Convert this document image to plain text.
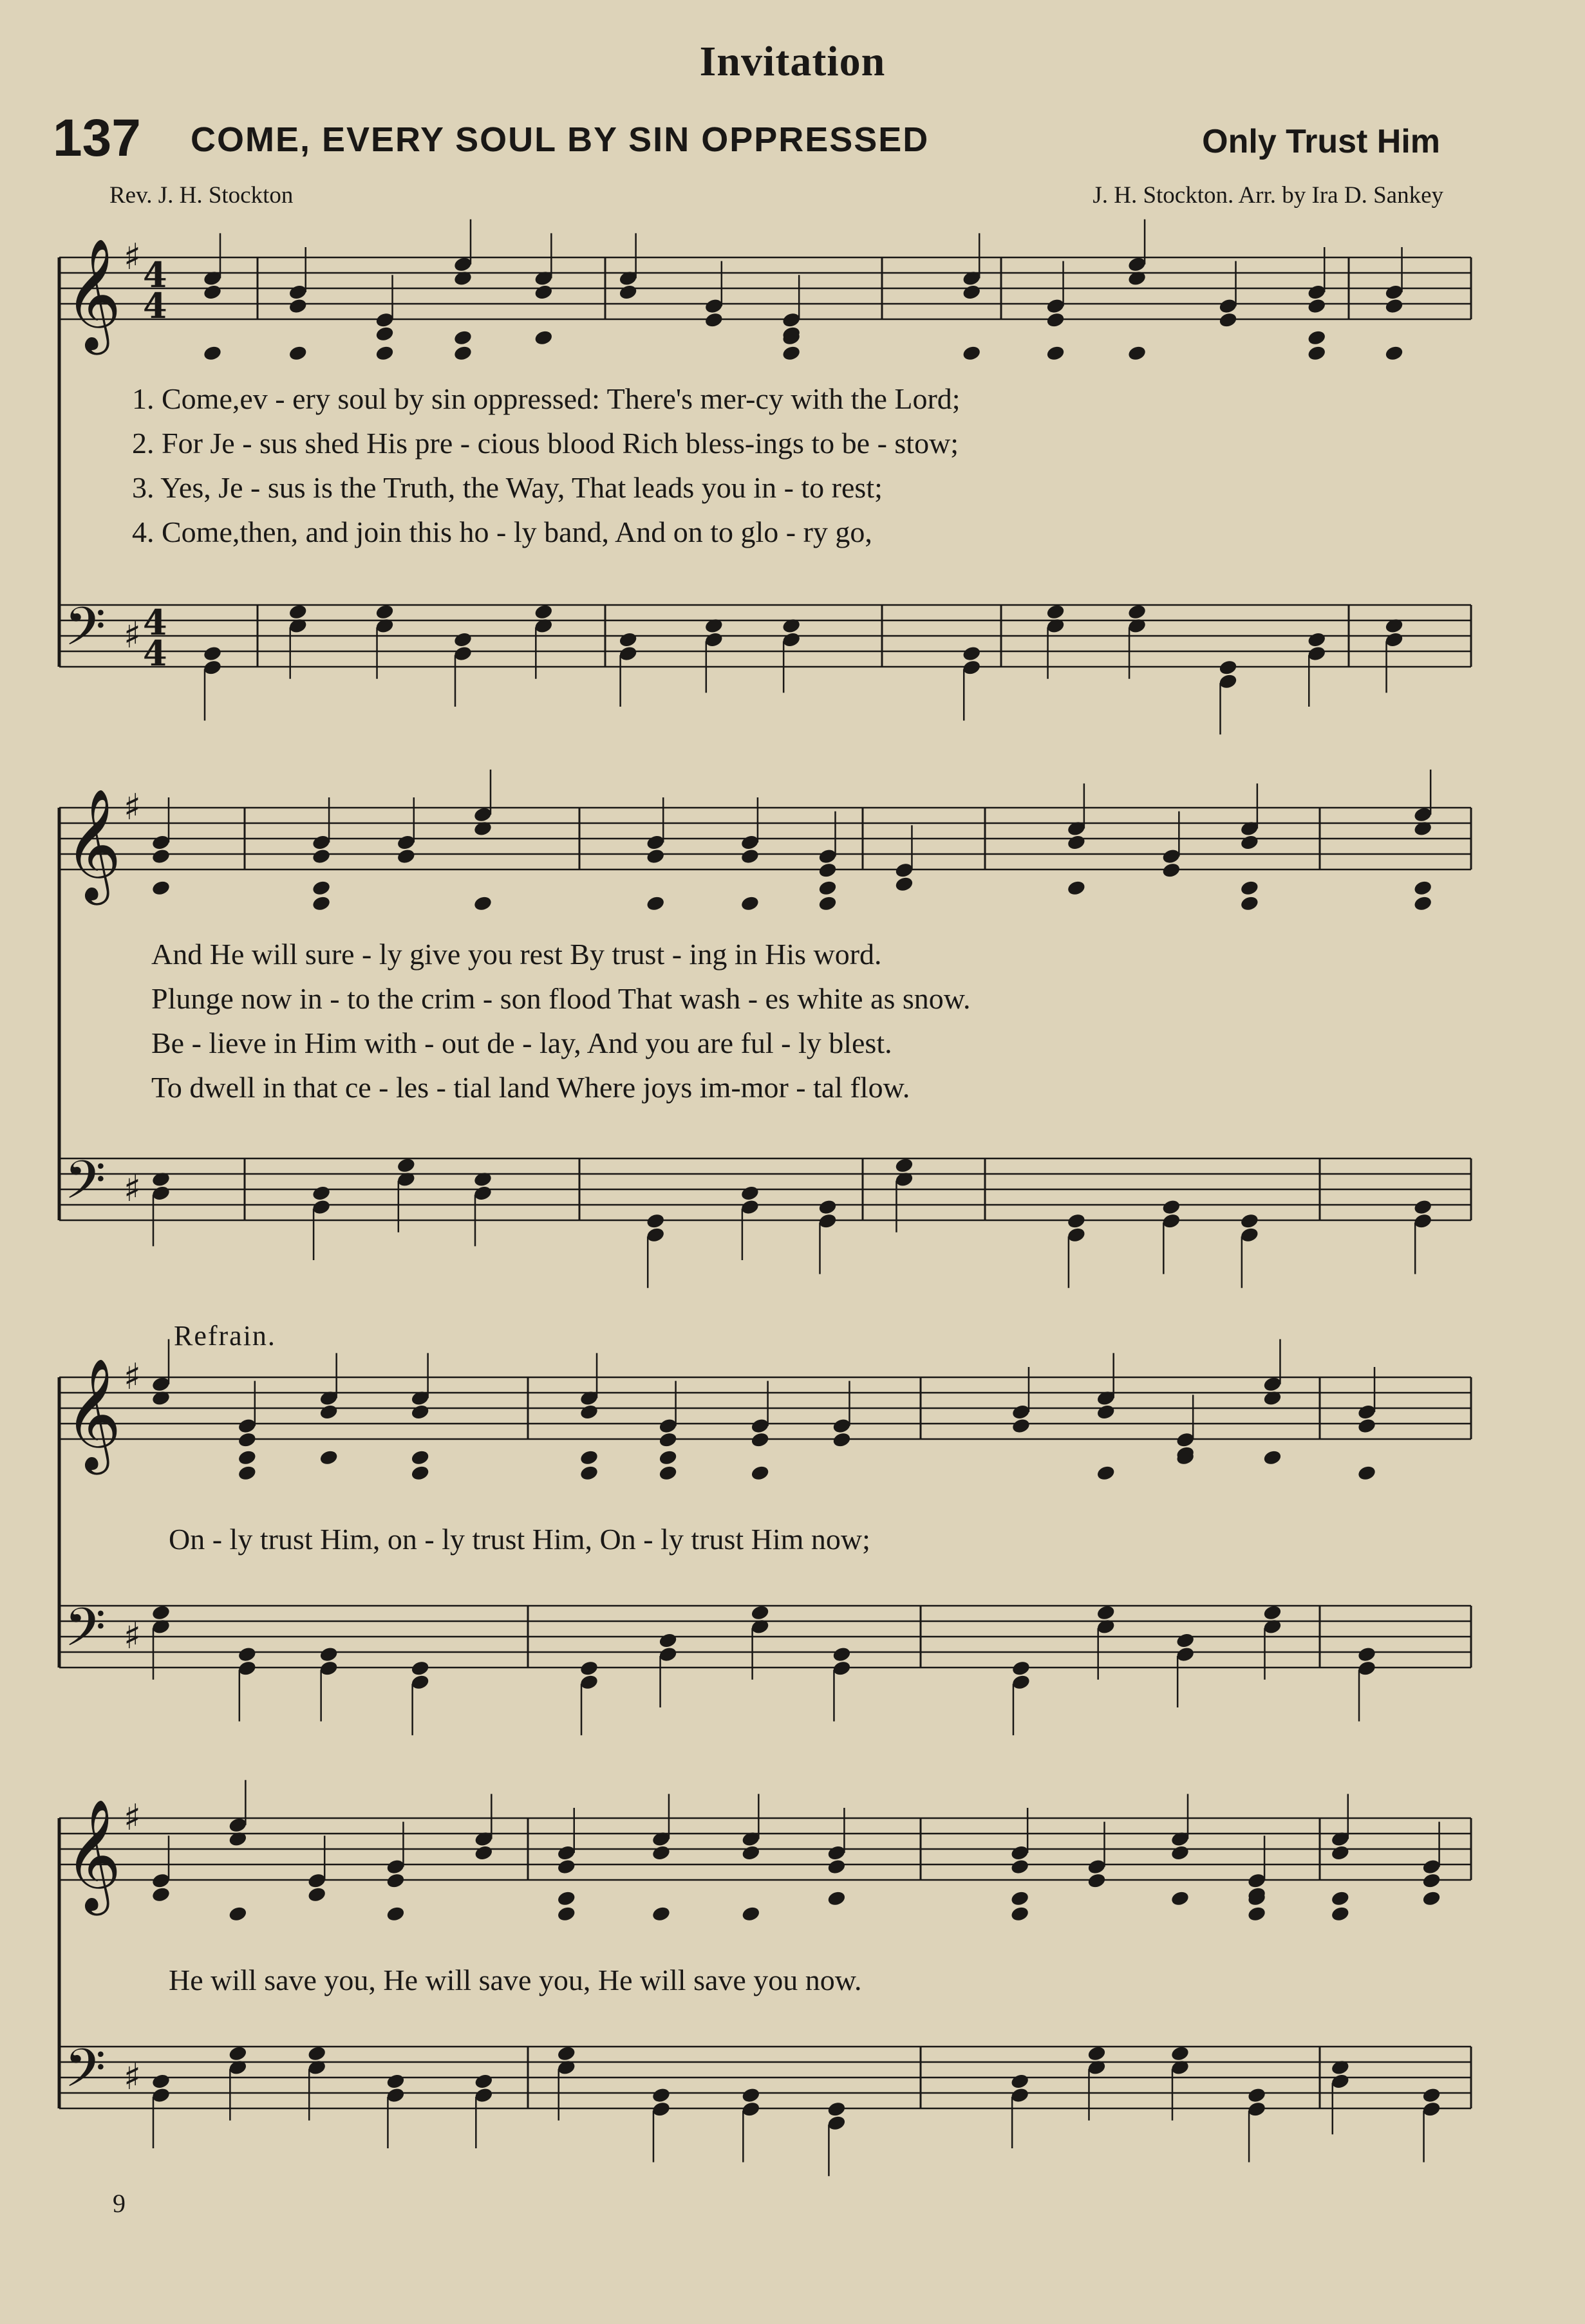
Invitation
137 COME, EVERY SOUL BY SIN OPPRESSED	Only Trust Him
Rev. J. H. Stockton	J. H. Stockton. Arr. by Ira D. Sankey
𝄞
𝄢
♯
♯
4
4
4
4
𝄞
𝄢
♯
♯
𝄞
𝄢
♯
♯
𝄞
𝄢
♯
♯
1. Come,ev - ery soul by sin oppressed: There's mer-cy with the Lord;
2. For Je - sus shed His pre - cious blood Rich bless-ings to be - stow;
3. Yes, Je - sus is the Truth, the Way, That leads you in - to rest;
4. Come,then, and join this ho - ly band, And on to glo - ry go,
And He will sure - ly give you rest By trust - ing in His word.
Plunge now in - to the crim - son flood That wash - es white as snow.
Be - lieve in Him with - out de - lay, And you are ful - ly blest.
To dwell in that ce - les - tial land Where joys im-mor - tal flow.
Refrain.
On - ly trust Him, on - ly trust Him, On - ly trust Him now;
He will save you, He will save you, He will save you now.
9
